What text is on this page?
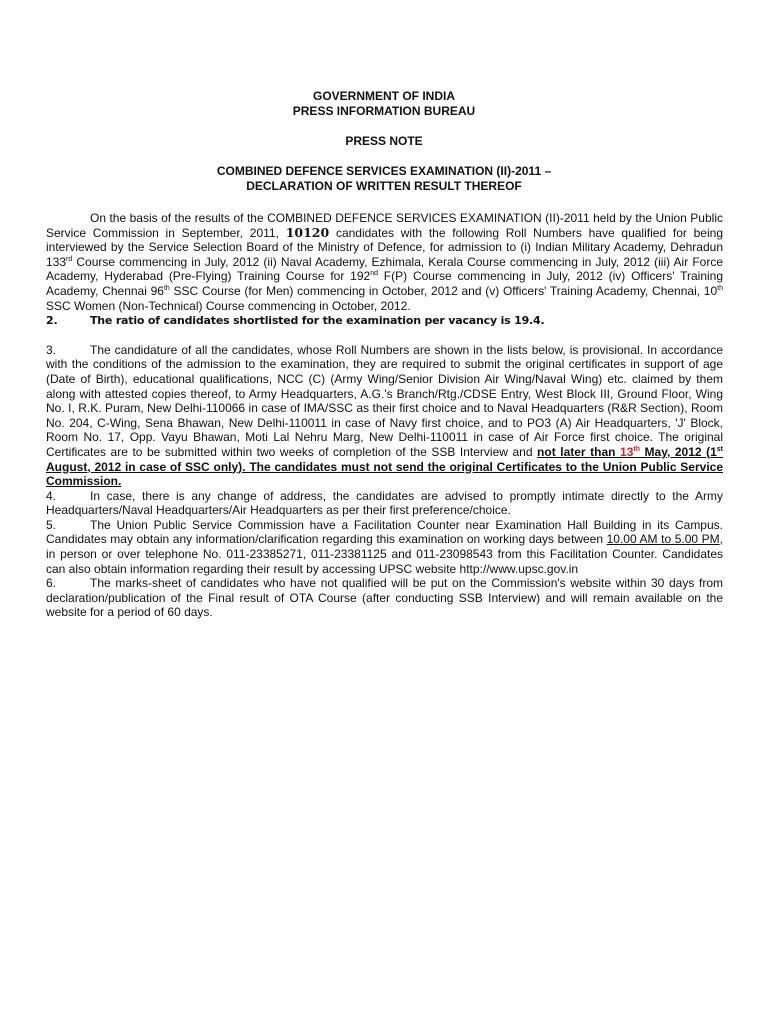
GOVERNMENT OF INDIA
PRESS INFORMATION BUREAU
PRESS NOTE
COMBINED DEFENCE SERVICES EXAMINATION (II)-2011 –
DECLARATION OF WRITTEN RESULT THEREOF

On the basis of the results of the COMBINED DEFENCE SERVICES EXAMINATION (II)-2011 held by the Union Public Service Commission in September, 2011, 10120 candidates with the following Roll Numbers have qualified for being interviewed by the Service Selection Board of the Ministry of Defence, for admission to (i) Indian Military Academy, Dehradun 133rd Course commencing in July, 2012 (ii) Naval Academy, Ezhimala, Kerala Course commencing in July, 2012 (iii) Air Force Academy, Hyderabad (Pre-Flying) Training Course for 192nd F(P) Course commencing in July, 2012 (iv) Officers' Training Academy, Chennai 96th SSC Course (for Men) commencing in October, 2012 and (v) Officers' Training Academy, Chennai, 10th SSC Women (Non-Technical) Course commencing in October, 2012.

2.	The ratio of candidates shortlisted for the examination per vacancy is 19.4.

3.	The candidature of all the candidates, whose Roll Numbers are shown in the lists below, is provisional. In accordance with the conditions of the admission to the examination, they are required to submit the original certificates in support of age (Date of Birth), educational qualifications, NCC (C) (Army Wing/Senior Division Air Wing/Naval Wing) etc. claimed by them along with attested copies thereof, to Army Headquarters, A.G.'s Branch/Rtg./CDSE Entry, West Block III, Ground Floor, Wing No. I, R.K. Puram, New Delhi-110066 in case of IMA/SSC as their first choice and to Naval Headquarters (R&R Section), Room No. 204, C-Wing, Sena Bhawan, New Delhi-110011 in case of Navy first choice, and to PO3 (A) Air Headquarters, 'J' Block, Room No. 17, Opp. Vayu Bhawan, Moti Lal Nehru Marg, New Delhi-110011 in case of Air Force first choice. The original Certificates are to be submitted within two weeks of completion of the SSB Interview and not later than 13th May, 2012 (1st August, 2012 in case of SSC only). The candidates must not send the original Certificates to the Union Public Service Commission.

4.	In case, there is any change of address, the candidates are advised to promptly intimate directly to the Army Headquarters/Naval Headquarters/Air Headquarters as per their first preference/choice.

5.	The Union Public Service Commission have a Facilitation Counter near Examination Hall Building in its Campus. Candidates may obtain any information/clarification regarding this examination on working days between 10.00 AM to 5.00 PM, in person or over telephone No. 011-23385271, 011-23381125 and 011-23098543 from this Facilitation Counter. Candidates can also obtain information regarding their result by accessing UPSC website http://www.upsc.gov.in

6.	The marks-sheet of candidates who have not qualified will be put on the Commission's website within 30 days from declaration/publication of the Final result of OTA Course (after conducting SSB Interview) and will remain available on the website for a period of 60 days.
